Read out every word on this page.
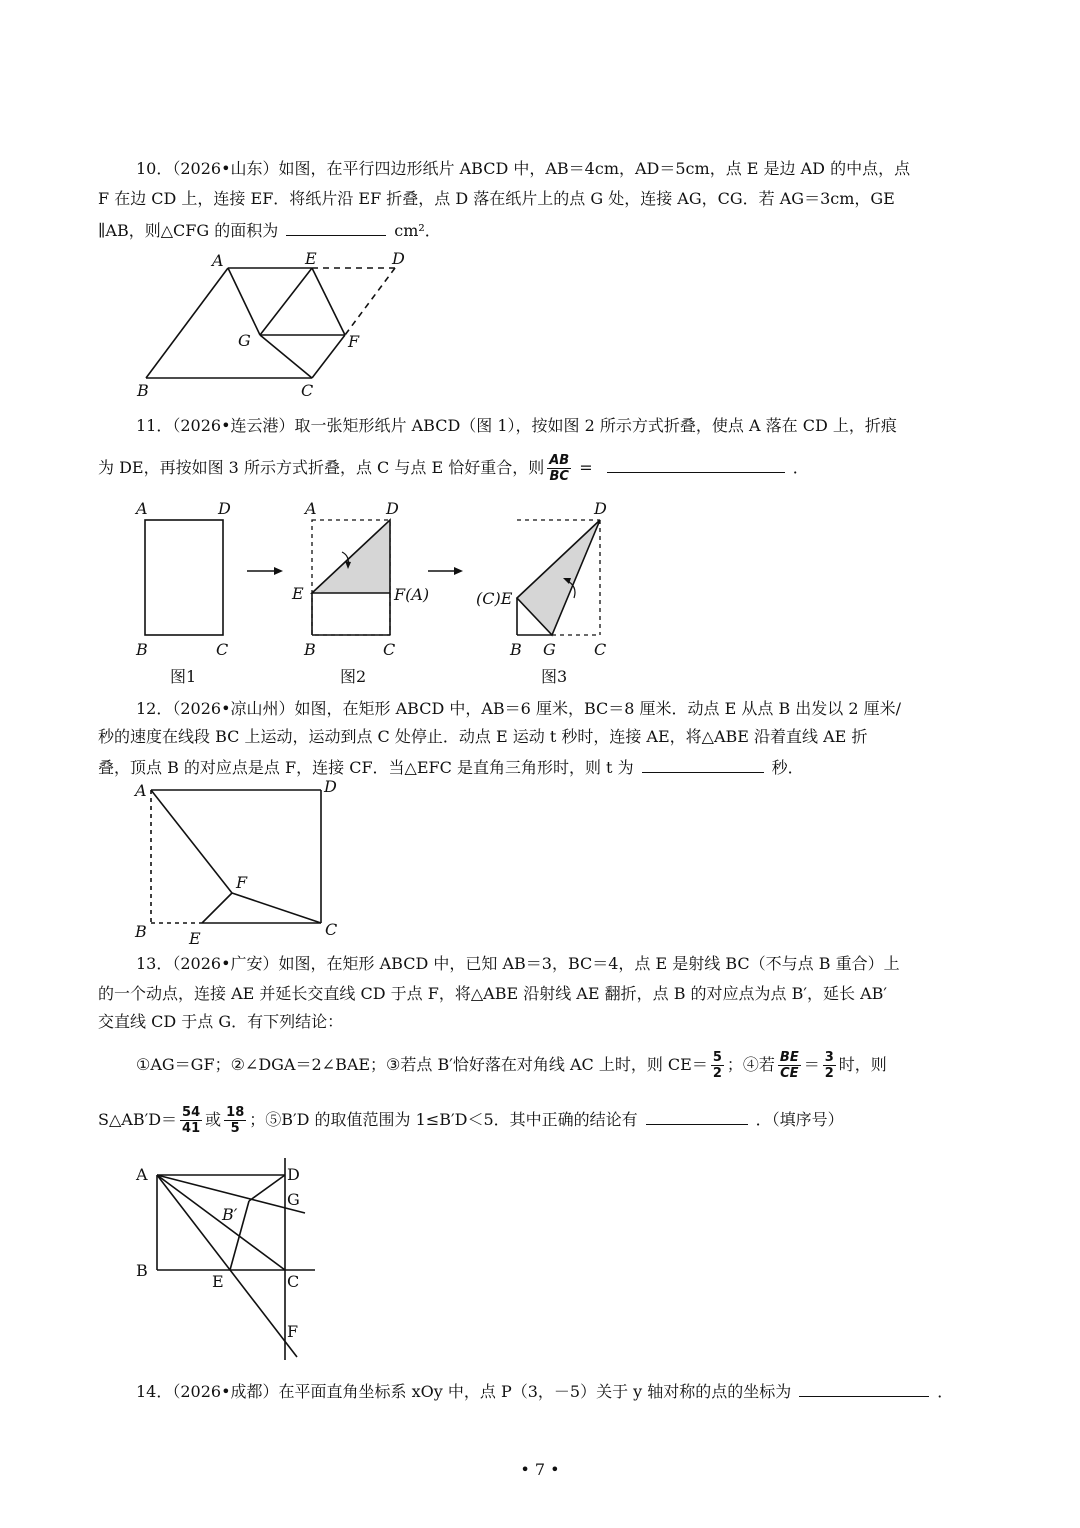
10．（2026•山东）如图，在平行四边形纸片 ABCD 中，AB＝4cm，AD＝5cm，点 E 是边 AD 的中点，点
F 在边 CD 上，连接 EF．将纸片沿 EF 折叠，点 D 落在纸片上的点 G 处，连接 AG，CG．若 AG＝3cm，GE
∥AB，则△CFG 的面积为	cm²．
A	E	D
G	F
B	C
11．（2026•连云港）取一张矩形纸片 ABCD（图 1），按如图 2 所示方式折叠，使点 A 落在 CD 上，折痕
为 DE，再按如图 3 所示方式折叠，点 C 与点 E 恰好重合，则 $\frac{AB}{BC}$ =	．
A	D
B	C
图1
A	D
E	F(A)
B	C
图2
D
(C)E
B G C
图3
12．（2026•凉山州）如图，在矩形 ABCD 中，AB＝6 厘米，BC＝8 厘米．动点 E 从点 B 出发以 2 厘米/
秒的速度在线段 BC 上运动，运动到点 C 处停止．动点 E 运动 t 秒时，连接 AE，将△ABE 沿着直线 AE 折
叠，顶点 B 的对应点是点 F，连接 CF．当△EFC 是直角三角形时，则 t 为	秒．
A	D
F
B	E	C
13．（2026•广安）如图，在矩形 ABCD 中，已知 AB＝3，BC＝4，点 E 是射线 BC（不与点 B 重合）上
的一个动点，连接 AE 并延长交直线 CD 于点 F，将△ABE 沿射线 AE 翻折，点 B 的对应点为点 B′，延长 AB′
交直线 CD 于点 G．有下列结论：
①AG＝GF；②∠DGA＝2∠BAE；③若点 B′恰好落在对角线 AC 上时，则 $CE= \frac{5}{2}$ ；④若 $\frac{BE}{CE} = \frac{3}{2}$ 时，则
S△AB′D＝ $\frac{54}{41}$ 或 $\frac{18}{5}$ ；⑤B′D 的取值范围为 1≤B′D＜5．其中正确的结论有	．（填序号）
A	D
G
B′
B
E	C
F
14．（2026•成都）在平面直角坐标系 xOy 中，点 P（3，－5）关于 y 轴对称的点的坐标为	．
• 7 •
